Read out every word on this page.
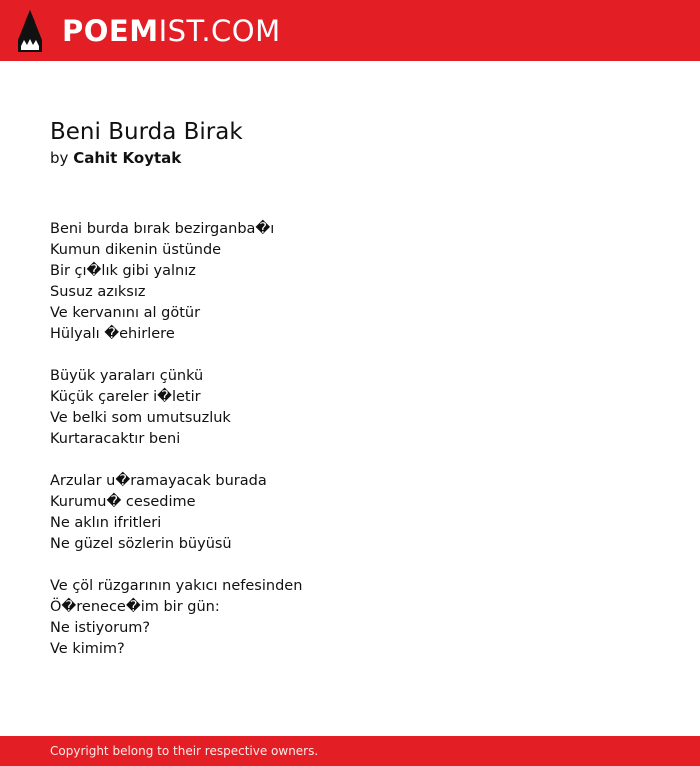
POEMIST.COM
Beni Burda Birak

by Cahit Koytak

Beni burda bırak bezirganba�ı
Kumun dikenin üstünde
Bir çı�lık gibi yalnız
Susuz azıksız
Ve kervanını al götür
Hülyalı �ehirlere

Büyük yaraları çünkü
Küçük çareler i�letir
Ve belki som umutsuzluk
Kurtaracaktır beni

Arzular u�ramayacak burada
Kurumu� cesedime
Ne aklın ifritleri
Ne güzel sözlerin büyüsü

Ve çöl rüzgarının yakıcı nefesinden
Ö�renece�im bir gün:
Ne istiyorum?
Ve kimim?

Copyright belong to their respective owners.
